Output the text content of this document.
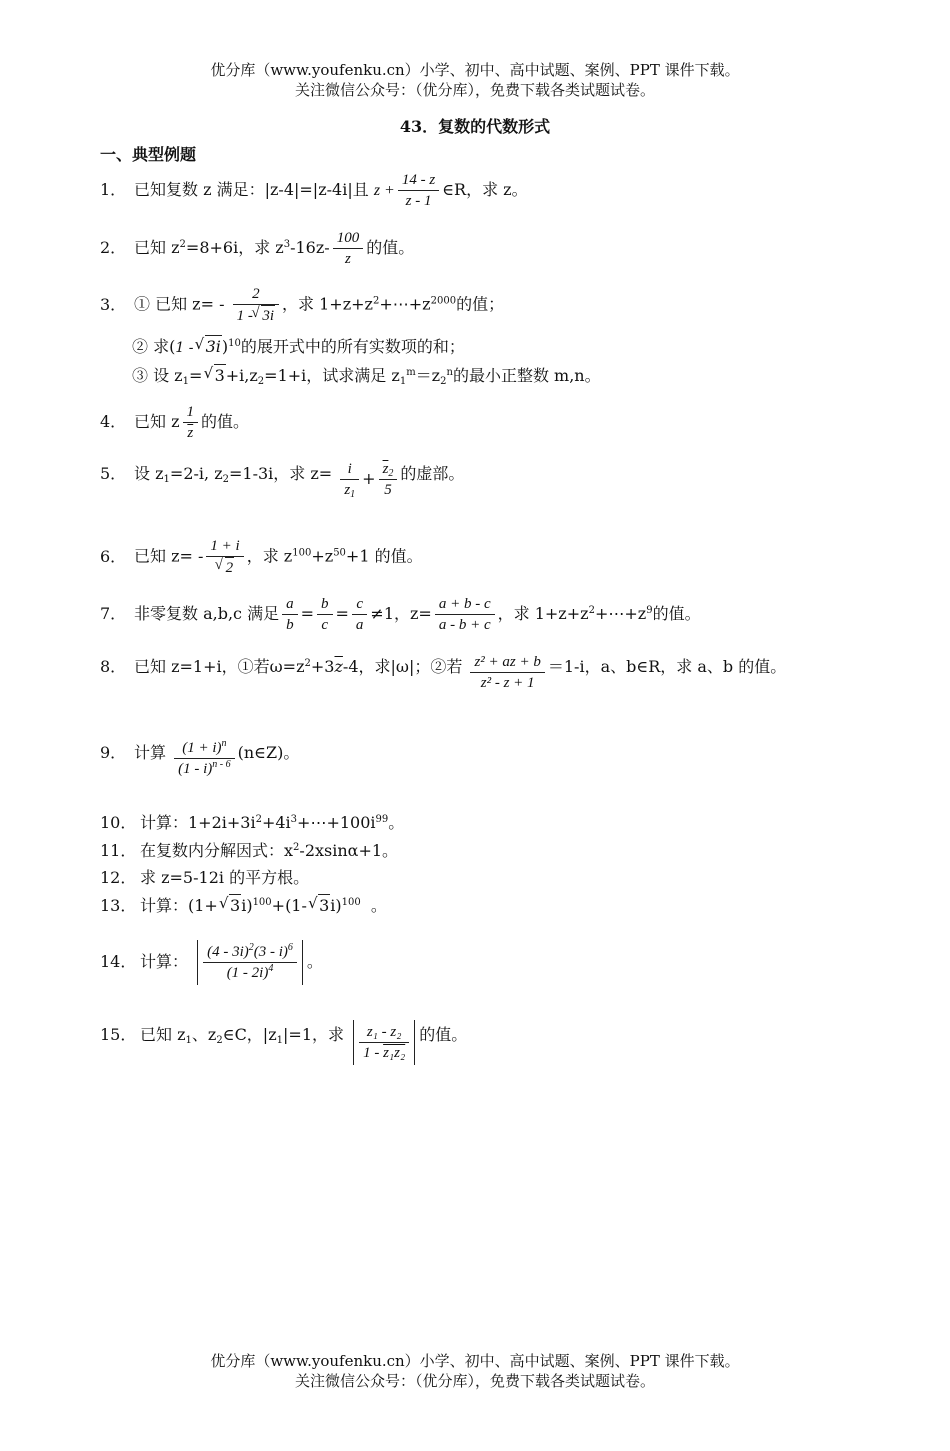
优分库（www.youfenku.cn）小学、初中、高中试题、案例、PPT 课件下载。
关注微信公众号：（优分库），免费下载各类试题试卷。
43．复数的代数形式
一、典型例题
1． 已知复数 z 满足：|z-4|=|z-4i|且 $z + \frac{14 - z}{z - 1}$ ∈R，求 z。
2． 已知 $z^2=8+6i$，求 $z^3-16z- \frac{100}{z}$ 的值。
3． ① 已知 $z= - \frac{2}{1 - √ 3i}$ ，求 $1+z+z^2+\cdots+z^{2000}$的值；
② 求(1 - √ 3i)$^{10}$的展开式中的所有实数项的和；
③ 设 $z_1=$ √ $3+i,z_2=1+i$，试求满足 $z_1^m=z_2^n$的最小正整数 m,n。
4． 已知 z $\frac{1}{z}$ 的值。
5． 设 $z_1=2-i$, $z_2=1-3i$，求 $z= \frac{i}{z_1} + \frac{\overline{z}_2}{5}$ 的虚部。
6． 已知 z= - 1 + i
√ 2 ，求 $z^{100}+z^{50}+1$ 的值。
7． 非零复数 a,b,c 满足 $\frac{a}{b} = \frac{b}{c} = \frac{c}{a} \ne 1$，$z= \frac{a + b - c}{a - b + c}$ ，求 $1+z+z^2+\cdots+z^9$的值。
8． 已知 z=1+i，①若$\omega=z^2+3\overline{z}-4$，求|ω|；②若 $\frac{\text{z² + az + b}}{\text{z² - z + 1}} =1-i$，a、b∈R，求 a、b 的值。
9． 计算 $\frac{(1 + i)^n}{(1 - i)^{n - 6}}$ (n∈Z)。
10． 计算：$1+2i+3i^2+4i^3+\cdots+100i^{99}$。
11． 在复数内分解因式：$x^2-2xsin\alpha+1$。
12． 求 z=5-12i 的平方根。
13． 计算：(1+ √ 3i)$^{100}$+(1- √ 3i)$^{100}$ 。
14． 计算： $\frac{(4 - 3i)^2(3 - i)^6}{(1 - 2i)^4}$ 。
15． 已知 $z_1$、$z_2\in C$，$|z_1|=1$，求 $\frac{\text{z₁ - z₂}}{\text{1 - z₁z₂}}$ 的值。
优分库（www.youfenku.cn）小学、初中、高中试题、案例、PPT 课件下载。
关注微信公众号：（优分库），免费下载各类试题试卷。
